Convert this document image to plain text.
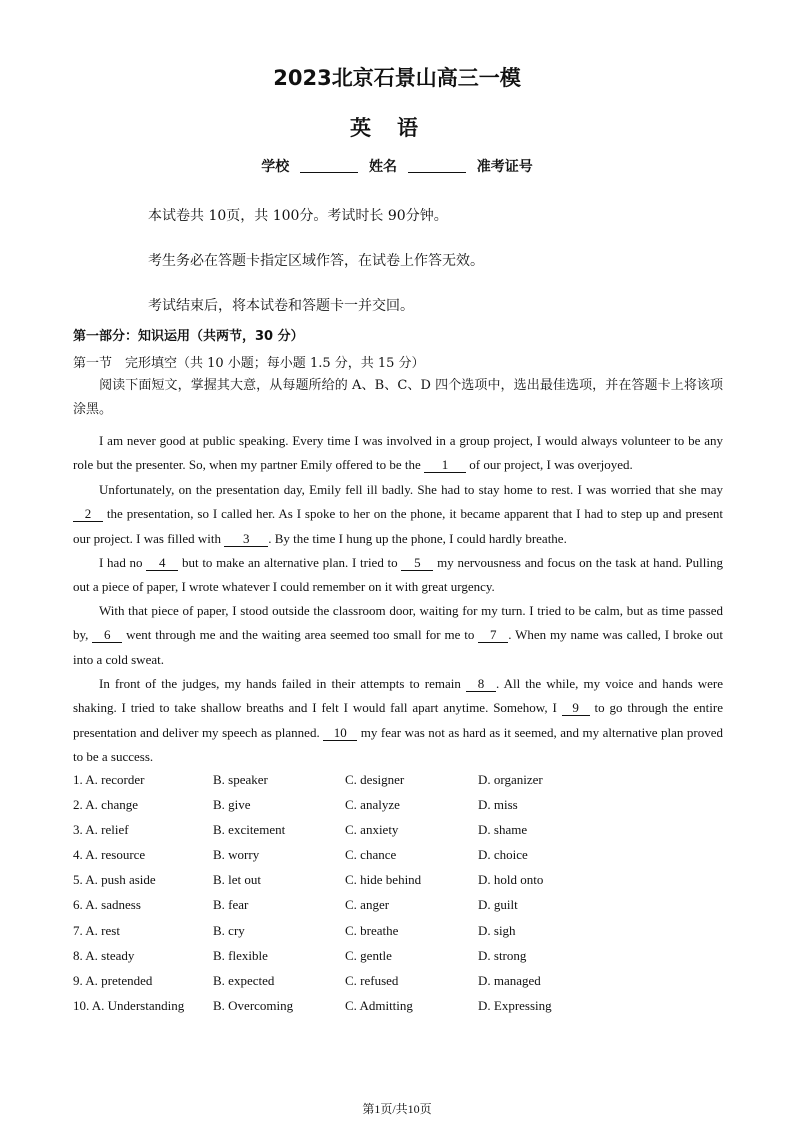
2023北京石景山高三一模
英语
学校	姓名	准考证号
本试卷共 10页，共 100分。考试时长 90分钟。
考生务必在答题卡指定区域作答，在试卷上作答无效。
考试结束后，将本试卷和答题卡一并交回。
第一部分：知识运用（共两节，30 分）
第一节　完形填空（共 10 小题；每小题 1.5 分，共 15 分）
阅读下面短文，掌握其大意，从每题所给的 A、B、C、D 四个选项中，选出最佳选项，并在答题卡上将该项涂黑。
I am never good at public speaking. Every time I was involved in a group project, I would always volunteer to be any role but the presenter. So, when my partner Emily offered to be the 1 of our project, I was overjoyed.
Unfortunately, on the presentation day, Emily fell ill badly. She had to stay home to rest. I was worried that she may 2 the presentation, so I called her. As I spoke to her on the phone, it became apparent that I had to step up and present our project. I was filled with 3 . By the time I hung up the phone, I could hardly breathe.
I had no 4 but to make an alternative plan. I tried to 5 my nervousness and focus on the task at hand. Pulling out a piece of paper, I wrote whatever I could remember on it with great urgency.
With that piece of paper, I stood outside the classroom door, waiting for my turn. I tried to be calm, but as time passed by, 6 went through me and the waiting area seemed too small for me to 7 . When my name was called, I broke out into a cold sweat.
In front of the judges, my hands failed in their attempts to remain 8 . All the while, my voice and hands were shaking. I tried to take shallow breaths and I felt I would fall apart anytime. Somehow, I 9 to go through the entire presentation and deliver my speech as planned. 10 my fear was not as hard as it seemed, and my alternative plan proved to be a success.
1. A. recorder	B. speaker	C. designer	D. organizer
2. A. change	B. give	C. analyze	D. miss
3. A. relief	B. excitement	C. anxiety	D. shame
4. A. resource	B. worry	C. chance	D. choice
5. A. push aside	B. let out	C. hide behind	D. hold onto
6. A. sadness	B. fear	C. anger	D. guilt
7. A. rest	B. cry	C. breathe	D. sigh
8. A. steady	B. flexible	C. gentle	D. strong
9. A. pretended	B. expected	C. refused	D. managed
10. A. Understanding B. Overcoming	C. Admitting	D. Expressing
第1页/共10页
